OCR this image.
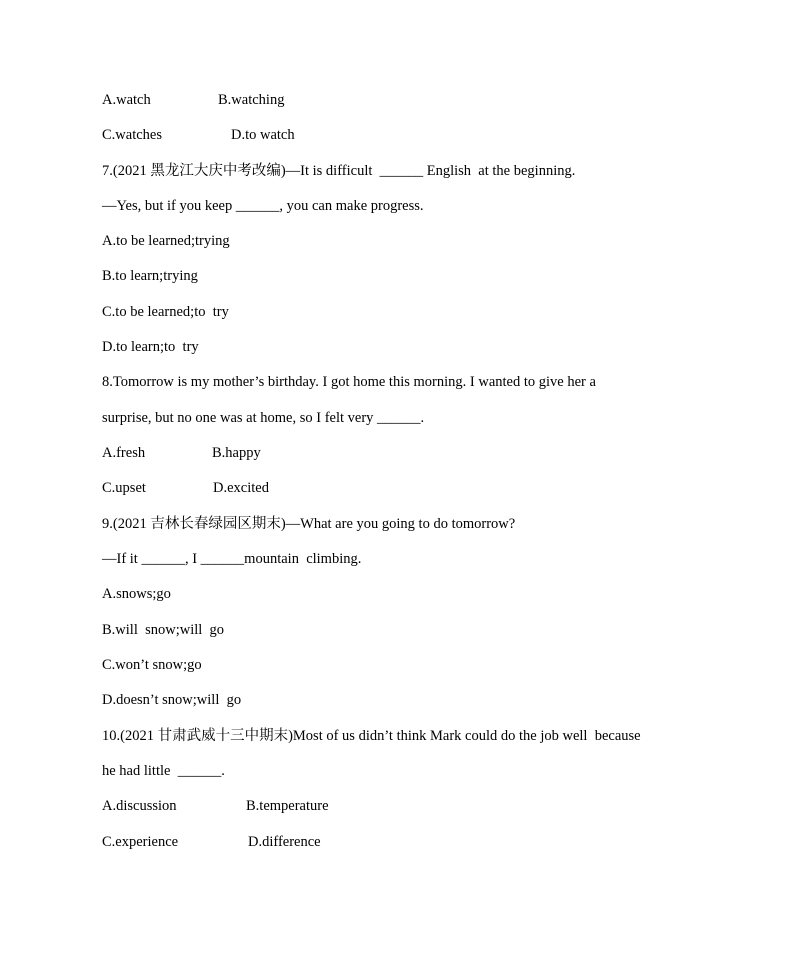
A.watch	B.watching
C.watches	D.to watch
7.(2021 黑龙江大庆中考改编)—It is difficult  ______ English  at the beginning.
—Yes, but if you keep ______, you can make progress.
A.to be learned;trying
B.to learn;trying
C.to be learned;to  try
D.to learn;to  try
8.Tomorrow is my mother’s birthday. I got home this morning. I wanted to give her a
surprise, but no one was at home, so I felt very ______.
A.fresh	B.happy
C.upset	D.excited
9.(2021 吉林长春绿园区期末)—What are you going to do tomorrow?
—If it ______, I ______mountain  climbing.
A.snows;go
B.will  snow;will  go
C.won’t snow;go
D.doesn’t snow;will  go
10.(2021 甘肃武威十三中期末)Most of us didn’t think Mark could do the job well  because
he had little  ______.
A.discussion	B.temperature
C.experience	D.difference
